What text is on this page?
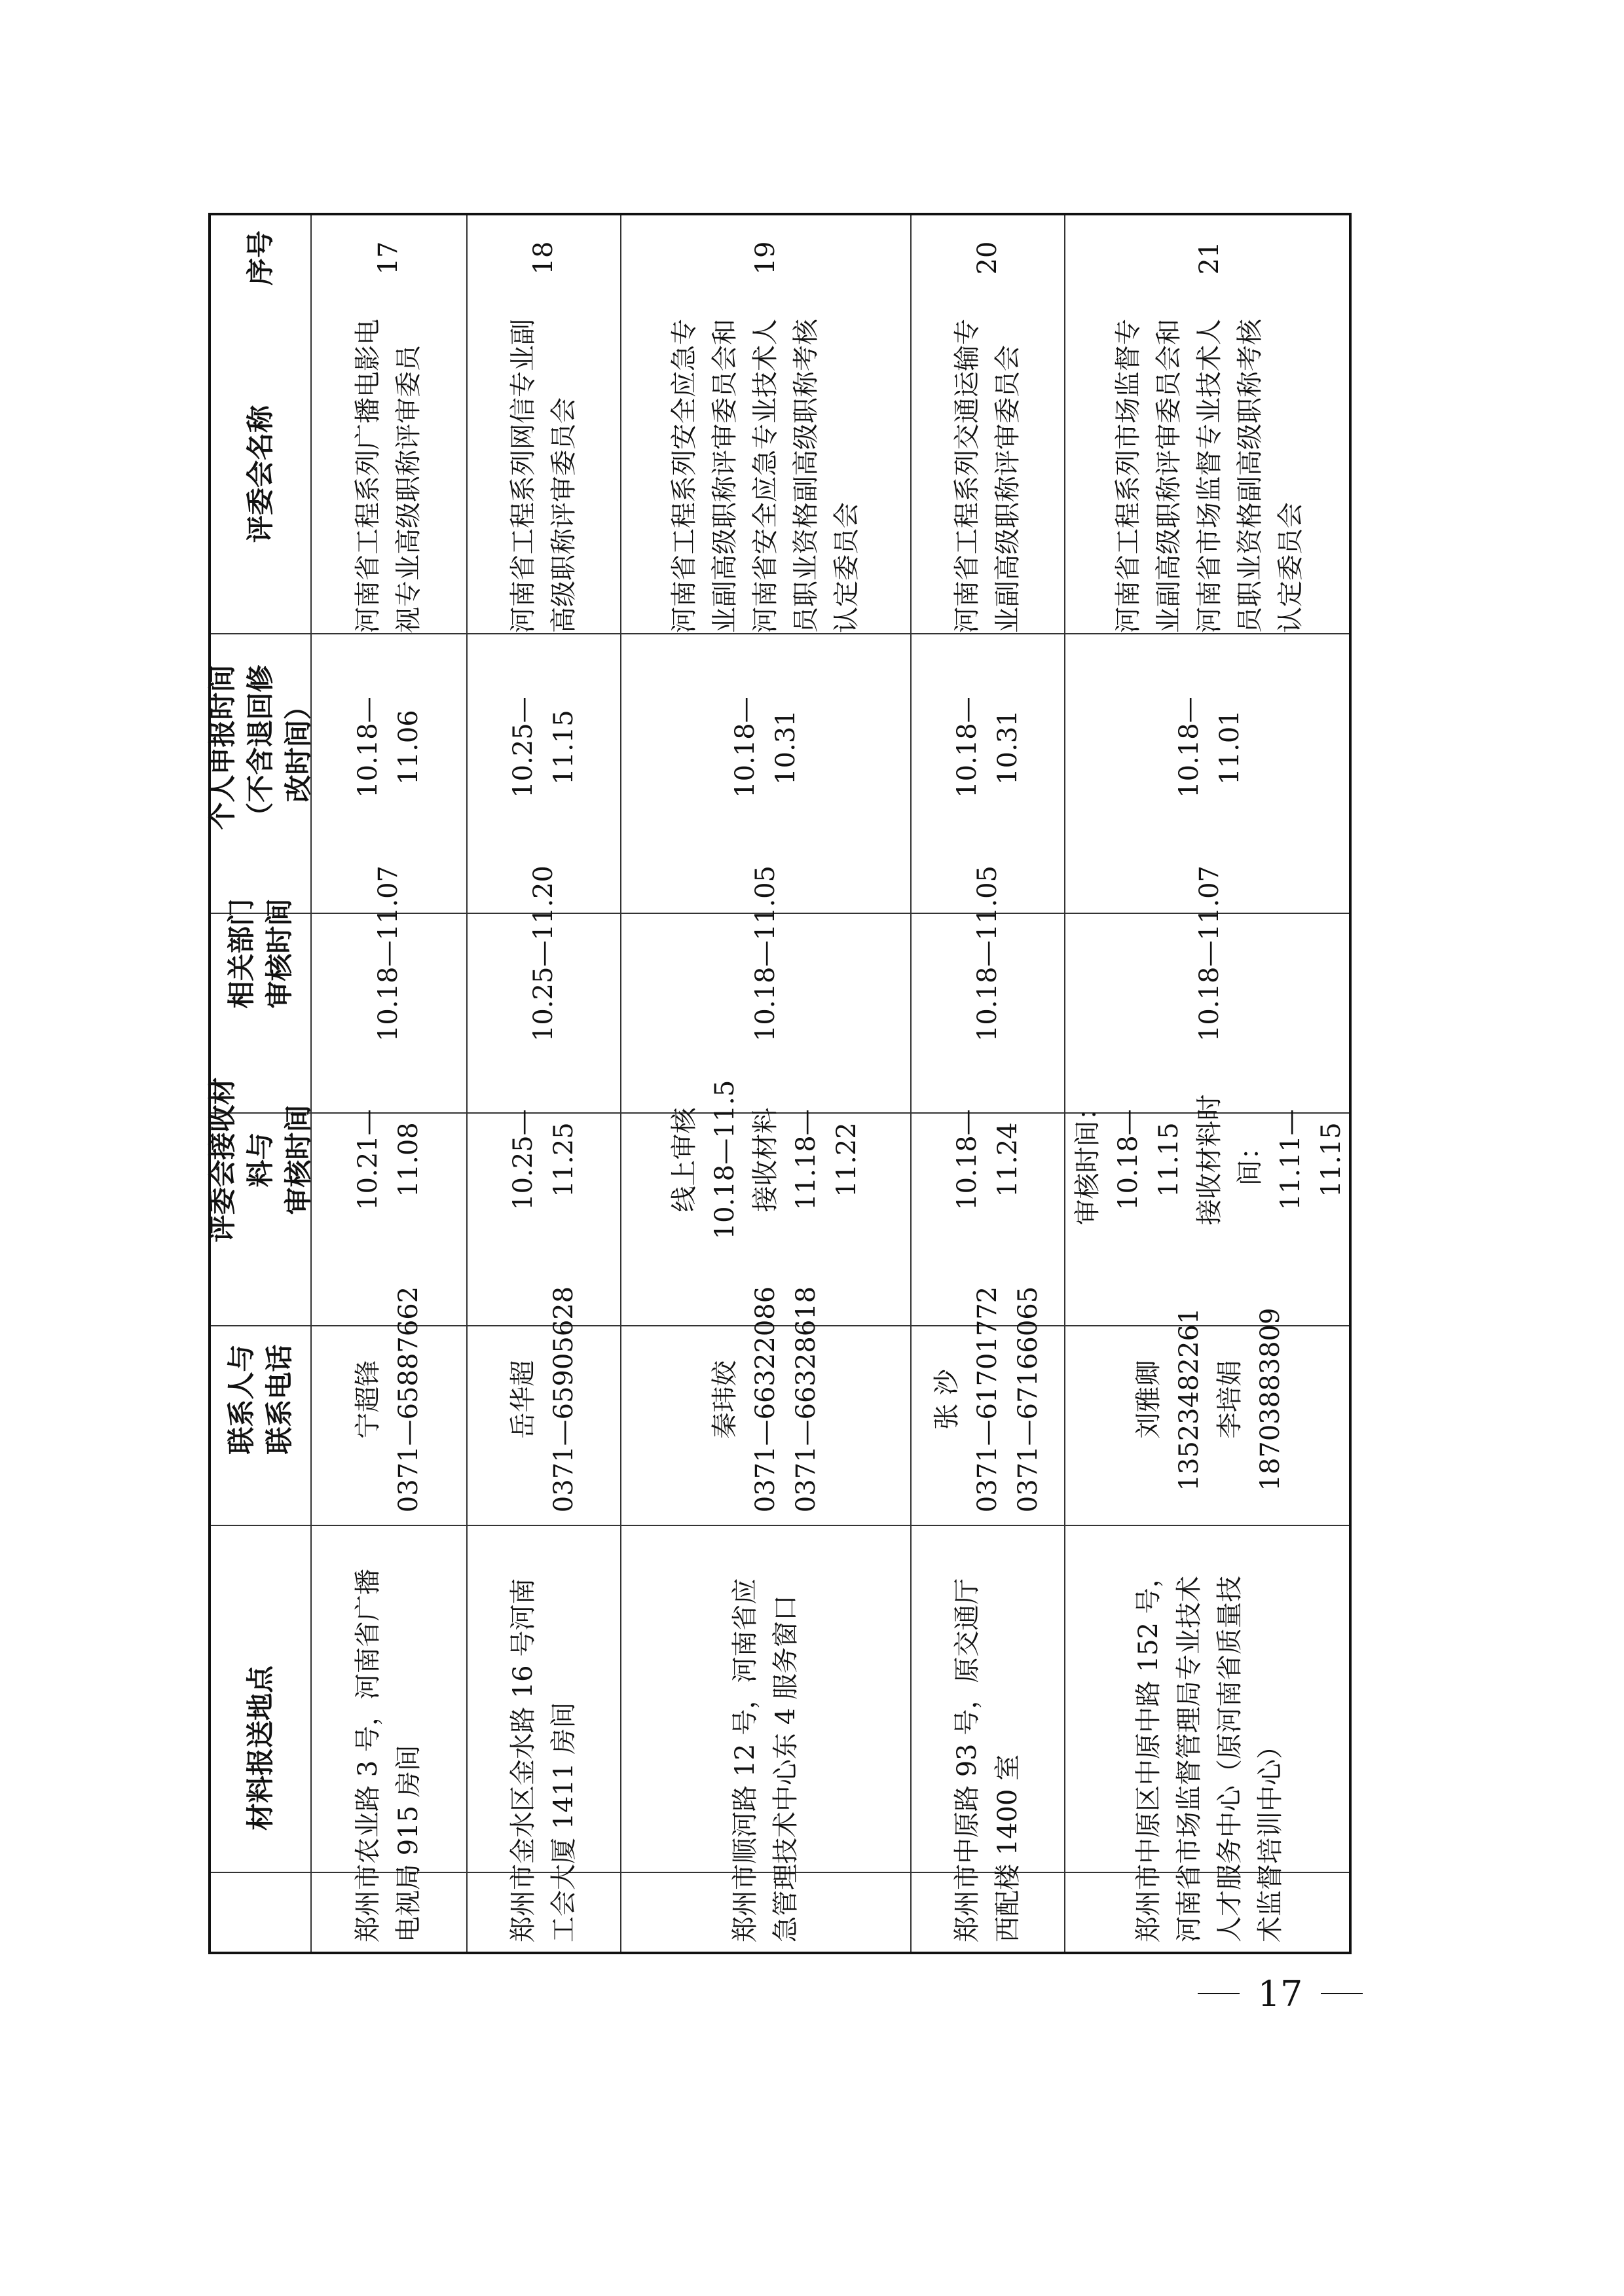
序号
评委会名称
个人申报时间 （不含退回修改时间）
相关部门 审核时间
评委会接收材料与 审核时间
联系人与 联系电话
材料报送地点
17
河南省工程系列广播电影电视专业高级职称评审委员
10.18—11.06
10.18—11.07
10.21—11.08
宁超锋 0371—65887662
郑州市农业路 3 号，河南省广播电视局 915 房间
18
河南省工程系列网信专业副高级职称评审委员会
10.25—11.15
10.25—11.20
10.25—11.25
岳华超 0371—65905628
郑州市金水区金水路 16 号河南工会大厦 1411 房间
19
河南省工程系列安全应急专业副高级职称评审委员会和河南省安全应急专业技术人员职业资格副高级职称考核认定委员会
10.18—10.31
10.18—11.05
线上审核 10.18—11.5 接收材料 11.18—11.22
秦玮姣 0371—66322086 0371—66328618
郑州市顺河路 12 号，河南省应急管理技术中心东 4 服务窗口
20
河南省工程系列交通运输专业副高级职称评审委员会
10.18—10.31
10.18—11.05
10.18—11.24
张 沙 0371—61701772 0371—67166065
郑州市中原路 93 号，原交通厅西配楼 1400 室
21
河南省工程系列市场监督专业副高级职称评审委员会和河南省市场监督专业技术人员职业资格副高级职称考核认定委员会
10.18—11.01
10.18—11.07
审核时间： 10.18—11.15 接收材料时间： 11.11—11.15
刘雅卿 13523482261 李培娟 18703883809
郑州市中原区中原中路 152 号，河南省市场监督管理局专业技术人才服务中心（原河南省质量技术监督培训中心）
17
